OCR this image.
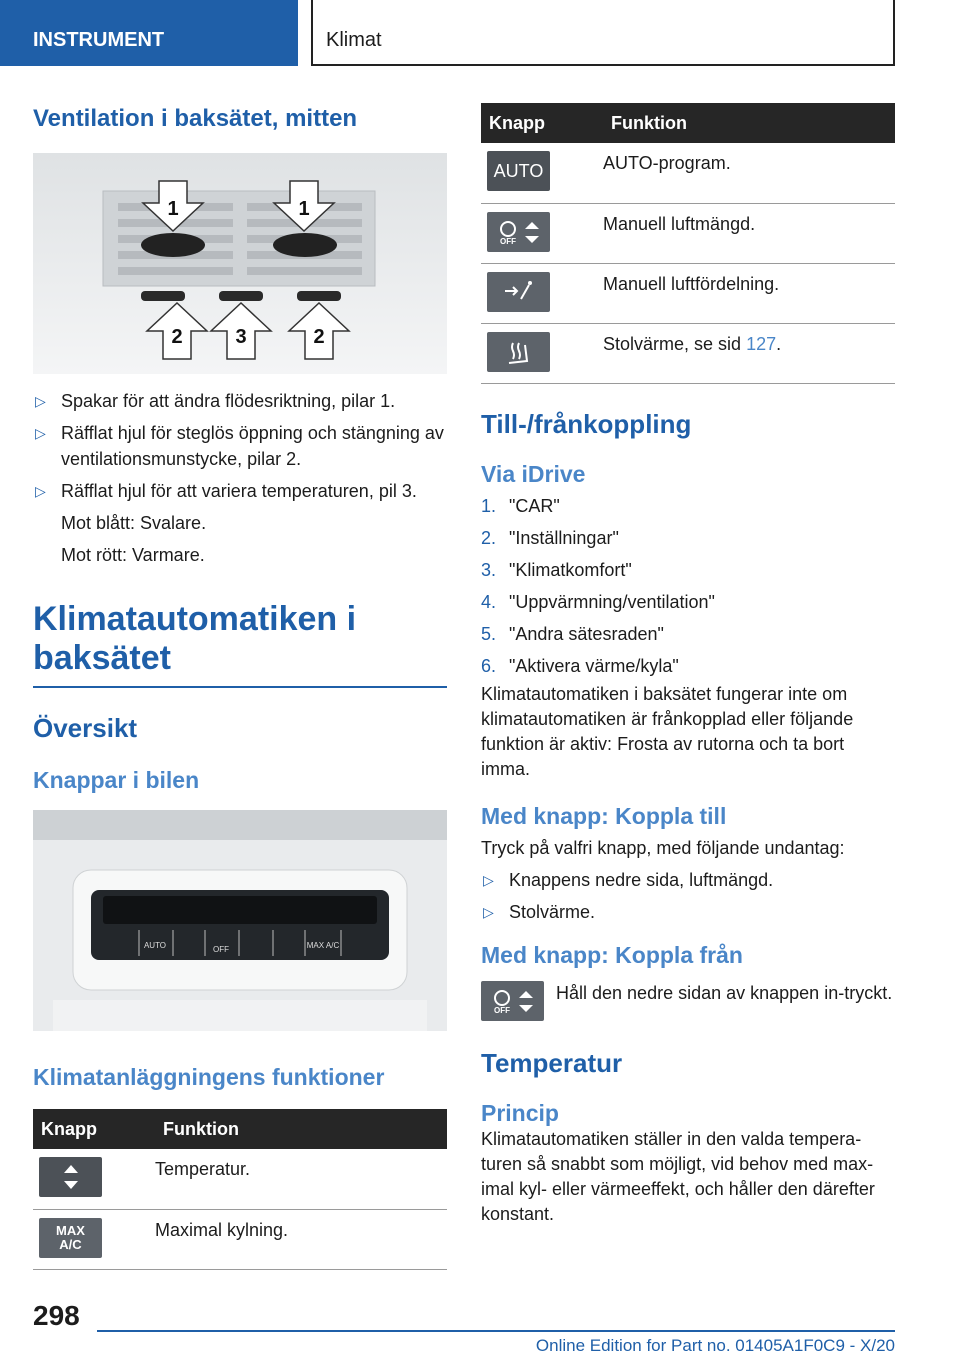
INSTRUMENT	Klimat
Ventilation i baksätet, mitten
1	1
2	3	2
▷ Spakar för att ändra flödesriktning, pilar 1.
▷ Räfflat hjul för steglös öppning och stängning av ventilationsmunstycke, pilar 2.
▷ Räfflat hjul för att variera temperaturen, pil 3.
Mot blått: Svalare.
Mot rött: Varmare.
Klimatautomatiken i baksätet
Översikt
Knappar i bilen
AUTO	OFF	MAX A/C
Klimatanläggningens funktioner
Knapp	Funktion

	Temperatur.

MAX A/C	Maximal kylning.
Knapp	Funktion

AUTO	AUTO-program.

OFF	Manuell luftmängd.

	Manuell luftfördelning.

	Stolvärme, se sid 127.
Till-/frånkoppling
Via iDrive
1. "CAR"
2. "Inställningar"
3. "Klimatkomfort"
4. "Uppvärmning/ventilation"
5. "Andra sätesraden"
6. "Aktivera värme/kyla"

Klimatautomatiken i baksätet fungerar inte om klimatautomatiken är frånkopplad eller följande funktion är aktiv: Frosta av rutorna och ta bort imma.

Med knapp: Koppla till

Tryck på valfri knapp, med följande undantag:

▷ Knappens nedre sida, luftmängd.
▷ Stolvärme.
Med knapp: Koppla från
OFF

Håll den nedre sidan av knappen in-tryckt.

Temperatur
Princip

Klimatautomatiken ställer in den valda tempera-turen så snabbt som möjligt, vid behov med max-imal kyl- eller värmeeffekt, och håller den därefter konstant.

298
Online Edition for Part no. 01405A1F0C9 - X/20
